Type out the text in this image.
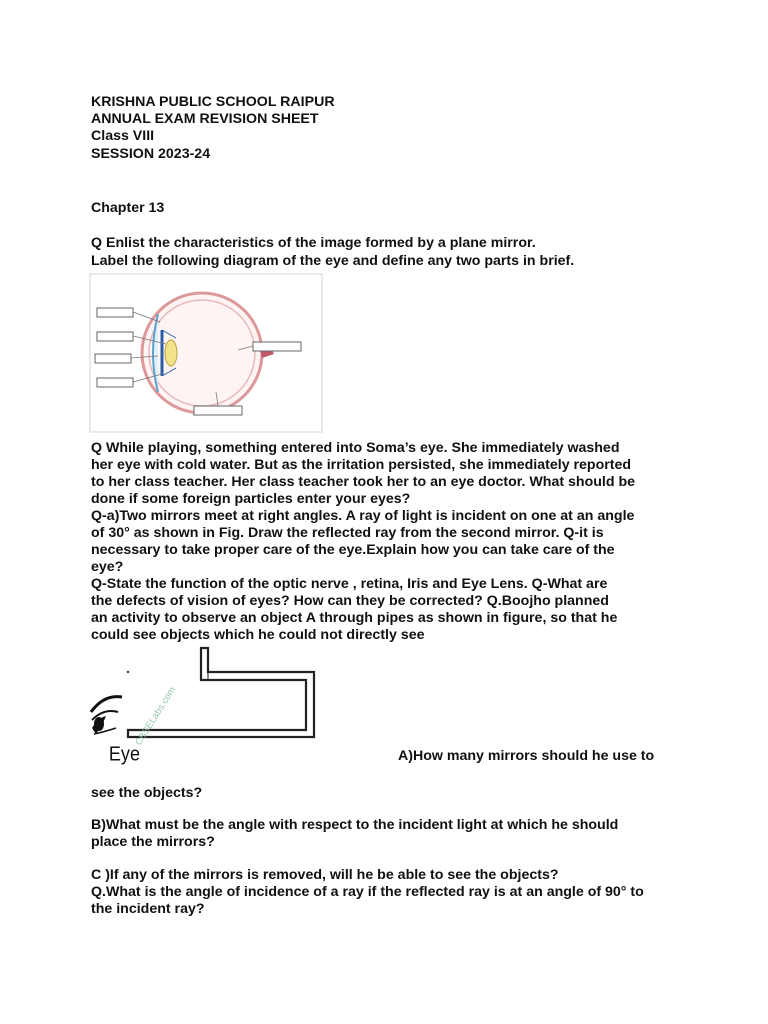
KRISHNA PUBLIC SCHOOL RAIPUR
ANNUAL EXAM REVISION SHEET
Class VIII
SESSION 2023-24
Chapter 13
Q Enlist the characteristics of the image formed by a plane mirror.
Label the following diagram of the eye and define any two parts in brief.
Q While playing, something entered into Soma’s eye. She immediately washed
her eye with cold water. But as the irritation persisted, she immediately reported
to her class teacher. Her class teacher took her to an eye doctor. What should be
done if some foreign particles enter your eyes?
Q-a)Two mirrors meet at right angles. A ray of light is incident on one at an angle
of 30° as shown in Fig. Draw the reflected ray from the second mirror. Q-it is
necessary to take proper care of the eye.Explain how you can take care of the
eye?
Q-State the function of the optic nerve , retina, Iris and Eye Lens. Q-What are
the defects of vision of eyes? How can they be corrected? Q.Boojho planned
an activity to observe an object A through pipes as shown in figure, so that he
could see objects which he could not directly see
CBSELabs.com
Eye	A)How many mirrors should he use to
see the objects?
B)What must be the angle with respect to the incident light at which he should
place the mirrors?
C )If any of the mirrors is removed, will he be able to see the objects?
Q.What is the angle of incidence of a ray if the reflected ray is at an angle of 90° to
the incident ray?
